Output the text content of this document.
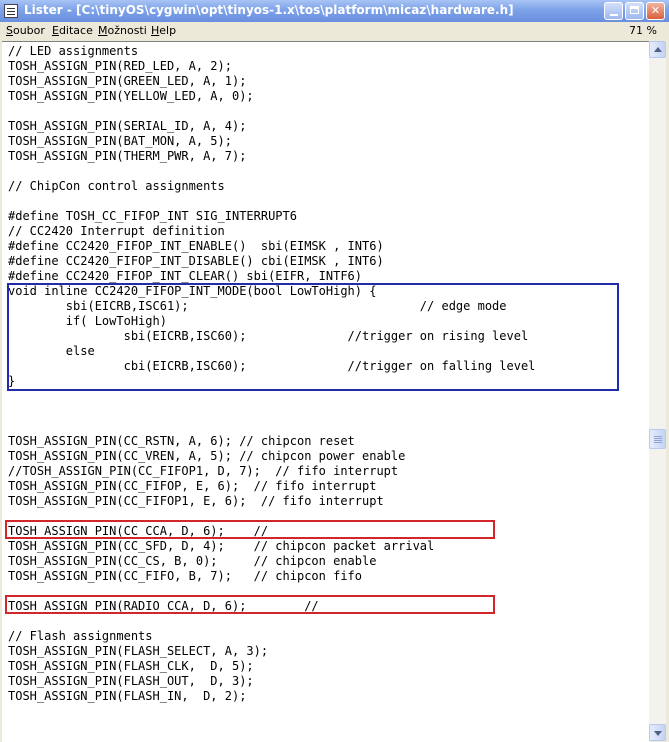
Lister - [C:\tinyOS\cygwin\opt\tinyos-1.x\tos\platform\micaz\hardware.h]	✕
Soubor Editace Možnosti Help	71 %
// LED assignments
TOSH_ASSIGN_PIN(RED_LED, A, 2);
TOSH_ASSIGN_PIN(GREEN_LED, A, 1);
TOSH_ASSIGN_PIN(YELLOW_LED, A, 0);
TOSH_ASSIGN_PIN(SERIAL_ID, A, 4);
TOSH_ASSIGN_PIN(BAT_MON, A, 5);
TOSH_ASSIGN_PIN(THERM_PWR, A, 7);
// ChipCon control assignments
#define TOSH_CC_FIFOP_INT SIG_INTERRUPT6
// CC2420 Interrupt definition
#define CC2420_FIFOP_INT_ENABLE()  sbi(EIMSK , INT6)
#define CC2420_FIFOP_INT_DISABLE() cbi(EIMSK , INT6)
#define CC2420_FIFOP_INT_CLEAR() sbi(EIFR, INTF6)
void inline CC2420_FIFOP_INT_MODE(bool LowToHigh) {
sbi(EICRB,ISC61);                                // edge mode
if( LowToHigh)
sbi(EICRB,ISC60);              //trigger on rising level
else
cbi(EICRB,ISC60);              //trigger on falling level
}
TOSH_ASSIGN_PIN(CC_RSTN, A, 6); // chipcon reset
TOSH_ASSIGN_PIN(CC_VREN, A, 5); // chipcon power enable
//TOSH_ASSIGN_PIN(CC_FIFOP1, D, 7);  // fifo interrupt
TOSH_ASSIGN_PIN(CC_FIFOP, E, 6);  // fifo interrupt
TOSH_ASSIGN_PIN(CC_FIFOP1, E, 6);  // fifo interrupt
TOSH_ASSIGN_PIN(CC_CCA, D, 6);    //
TOSH_ASSIGN_PIN(CC_SFD, D, 4);    // chipcon packet arrival
TOSH_ASSIGN_PIN(CC_CS, B, 0);     // chipcon enable
TOSH_ASSIGN_PIN(CC_FIFO, B, 7);   // chipcon fifo
TOSH_ASSIGN_PIN(RADIO_CCA, D, 6);        //
// Flash assignments
TOSH_ASSIGN_PIN(FLASH_SELECT, A, 3);
TOSH_ASSIGN_PIN(FLASH_CLK,  D, 5);
TOSH_ASSIGN_PIN(FLASH_OUT,  D, 3);
TOSH_ASSIGN_PIN(FLASH_IN,  D, 2);
